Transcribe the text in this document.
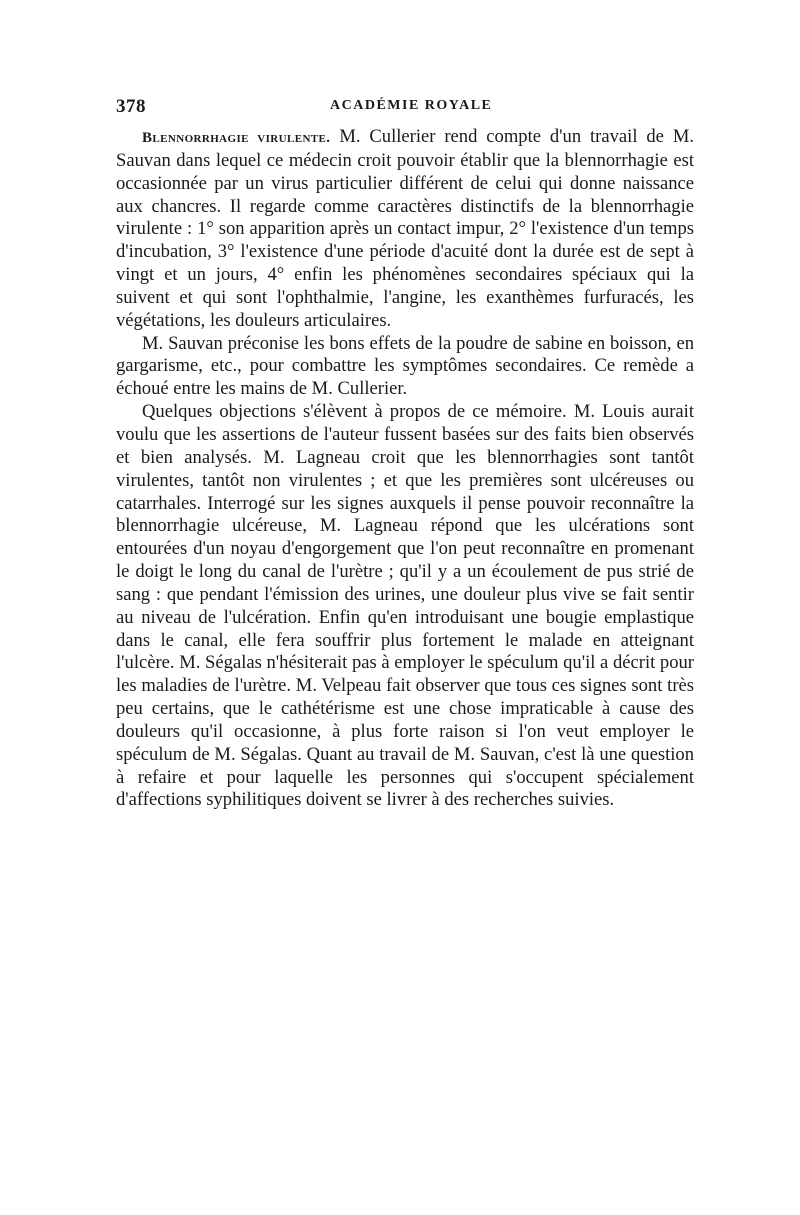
378	ACADÉMIE ROYALE

Blennorrhagie virulente. M. Cullerier rend compte d'un travail de M. Sauvan dans lequel ce médecin croit pouvoir établir que la blennorrhagie est occasionnée par un virus particulier différent de celui qui donne naissance aux chancres. Il regarde comme caractères distinctifs de la blennorrhagie virulente : 1° son apparition après un contact impur, 2° l'existence d'un temps d'incubation, 3° l'existence d'une période d'acuité dont la durée est de sept à vingt et un jours, 4° enfin les phénomènes secondaires spéciaux qui la suivent et qui sont l'ophthalmie, l'angine, les exanthèmes furfuracés, les végétations, les douleurs articulaires.

M. Sauvan préconise les bons effets de la poudre de sabine en boisson, en gargarisme, etc., pour combattre les symptômes secondaires. Ce remède a échoué entre les mains de M. Cullerier.

Quelques objections s'élèvent à propos de ce mémoire. M. Louis aurait voulu que les assertions de l'auteur fussent basées sur des faits bien observés et bien analysés. M. Lagneau croit que les blennorrhagies sont tantôt virulentes, tantôt non virulentes ; et que les premières sont ulcéreuses ou catarrhales. Interrogé sur les signes auxquels il pense pouvoir reconnaître la blennorrhagie ulcéreuse, M. Lagneau répond que les ulcérations sont entourées d'un noyau d'engorgement que l'on peut reconnaître en promenant le doigt le long du canal de l'urètre ; qu'il y a un écoulement de pus strié de sang : que pendant l'émission des urines, une douleur plus vive se fait sentir au niveau de l'ulcération. Enfin qu'en introduisant une bougie emplastique dans le canal, elle fera souffrir plus fortement le malade en atteignant l'ulcère. M. Ségalas n'hésiterait pas à employer le spéculum qu'il a décrit pour les maladies de l'urètre. M. Velpeau fait observer que tous ces signes sont très peu certains, que le cathétérisme est une chose impraticable à cause des douleurs qu'il occasionne, à plus forte raison si l'on veut employer le spéculum de M. Ségalas. Quant au travail de M. Sauvan, c'est là une question à refaire et pour laquelle les personnes qui s'occupent spécialement d'affections syphilitiques doivent se livrer à des recherches suivies.
